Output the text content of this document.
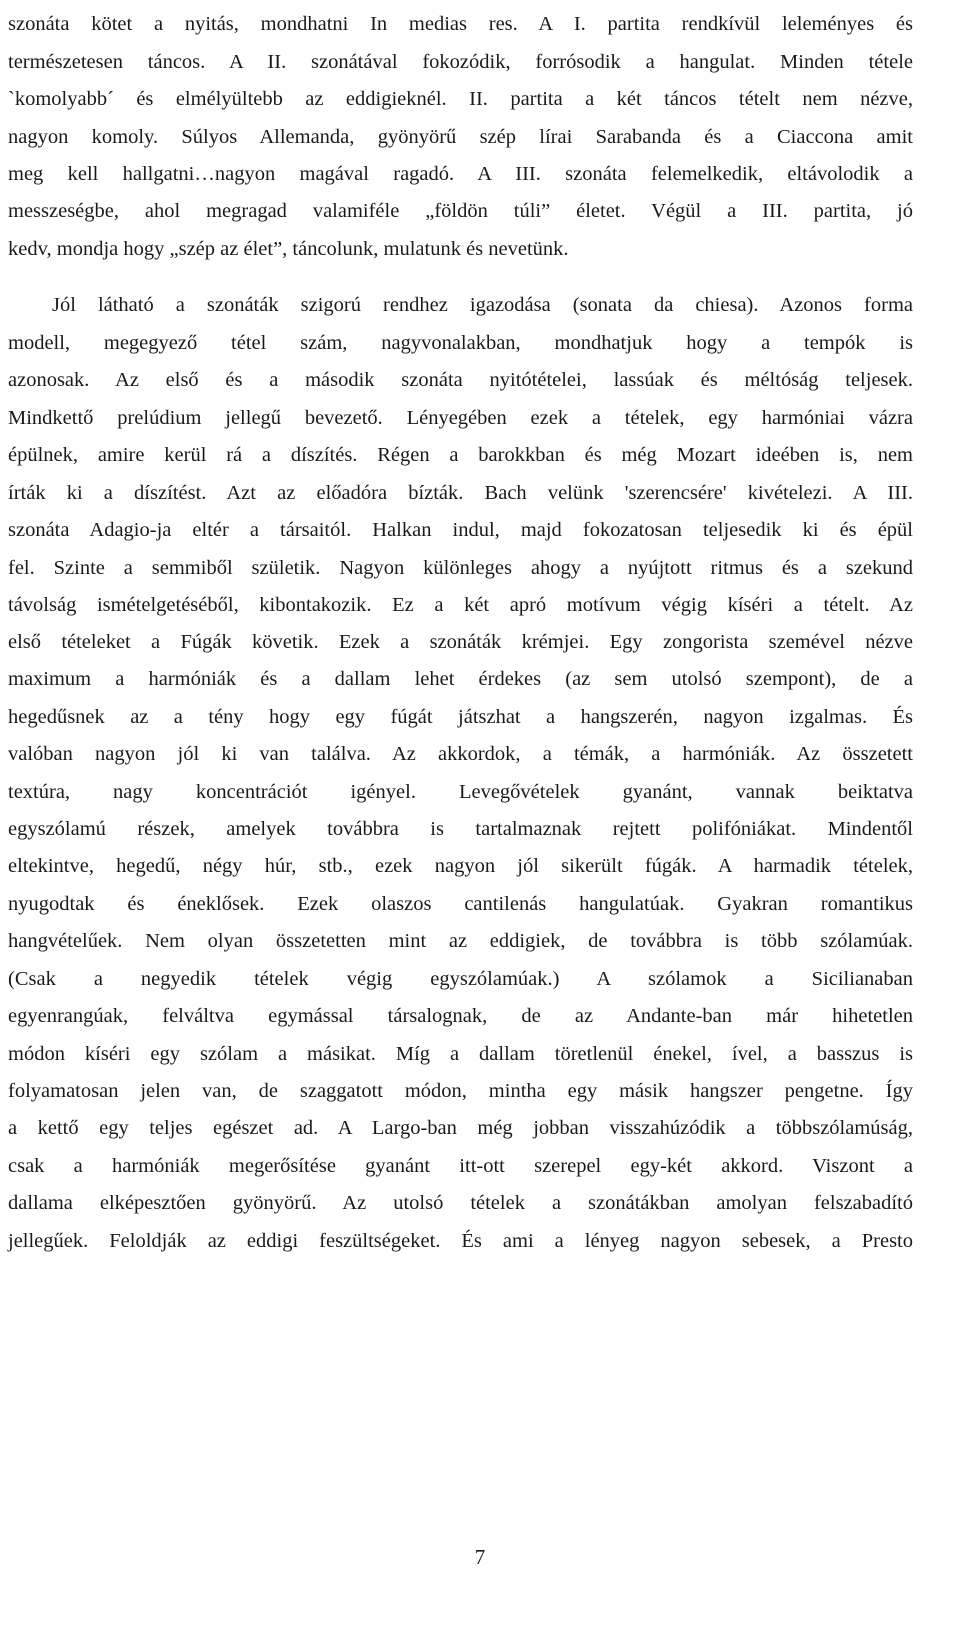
szonáta kötet a nyitás, mondhatni In medias res. A I. partita rendkívül leleményes és
természetesen táncos. A II. szonátával fokozódik, forrósodik a hangulat. Minden tétele
`komolyabb´ és elmélyültebb az eddigieknél. II. partita a két táncos tételt nem nézve,
nagyon komoly. Súlyos Allemanda, gyönyörű szép lírai Sarabanda és a Ciaccona amit
meg kell hallgatni…nagyon magával ragadó. A III. szonáta felemelkedik, eltávolodik a
messzeségbe, ahol megragad valamiféle „földön túli” életet. Végül a III. partita, jó
kedv, mondja hogy „szép az élet”, táncolunk, mulatunk és nevetünk.
Jól látható a szonáták szigorú rendhez igazodása (sonata da chiesa). Azonos forma
modell, megegyező tétel szám, nagyvonalakban, mondhatjuk hogy a tempók is
azonosak. Az első és a második szonáta nyitótételei, lassúak és méltóság teljesek.
Mindkettő prelúdium jellegű bevezető. Lényegében ezek a tételek, egy harmóniai vázra
épülnek, amire kerül rá a díszítés. Régen a barokkban és még Mozart ideében is, nem
írták ki a díszítést. Azt az előadóra bízták. Bach velünk 'szerencsére' kivételezi. A III.
szonáta Adagio-ja eltér a társaitól. Halkan indul, majd fokozatosan teljesedik ki és épül
fel. Szinte a semmiből születik. Nagyon különleges ahogy a nyújtott ritmus és a szekund
távolság ismételgetéséből, kibontakozik. Ez a két apró motívum végig kíséri a tételt. Az
első tételeket a Fúgák követik. Ezek a szonáták krémjei. Egy zongorista szemével nézve
maximum a harmóniák és a dallam lehet érdekes (az sem utolsó szempont), de a
hegedűsnek az a tény hogy egy fúgát játszhat a hangszerén, nagyon izgalmas. És
valóban nagyon jól ki van találva. Az akkordok, a témák, a harmóniák. Az összetett
textúra, nagy koncentrációt igényel. Levegővételek gyanánt, vannak beiktatva
egyszólamú részek, amelyek továbbra is tartalmaznak rejtett polifóniákat. Mindentől
eltekintve, hegedű, négy húr, stb., ezek nagyon jól sikerült fúgák. A harmadik tételek,
nyugodtak és éneklősek. Ezek olaszos cantilenás hangulatúak. Gyakran romantikus
hangvételűek. Nem olyan összetetten mint az eddigiek, de továbbra is több szólamúak.
(Csak a negyedik tételek végig egyszólamúak.) A szólamok a Sicilianaban
egyenrangúak, felváltva egymással társalognak, de az Andante-ban már hihetetlen
módon kíséri egy szólam a másikat. Míg a dallam töretlenül énekel, ível, a basszus is
folyamatosan jelen van, de szaggatott módon, mintha egy másik hangszer pengetne. Így
a kettő egy teljes egészet ad. A Largo-ban még jobban visszahúzódik a többszólamúság,
csak a harmóniák megerősítése gyanánt itt-ott szerepel egy-két akkord. Viszont a
dallama elképesztően gyönyörű. Az utolsó tételek a szonátákban amolyan felszabadító
jellegűek. Feloldják az eddigi feszültségeket. És ami a lényeg nagyon sebesek, a Presto
7
